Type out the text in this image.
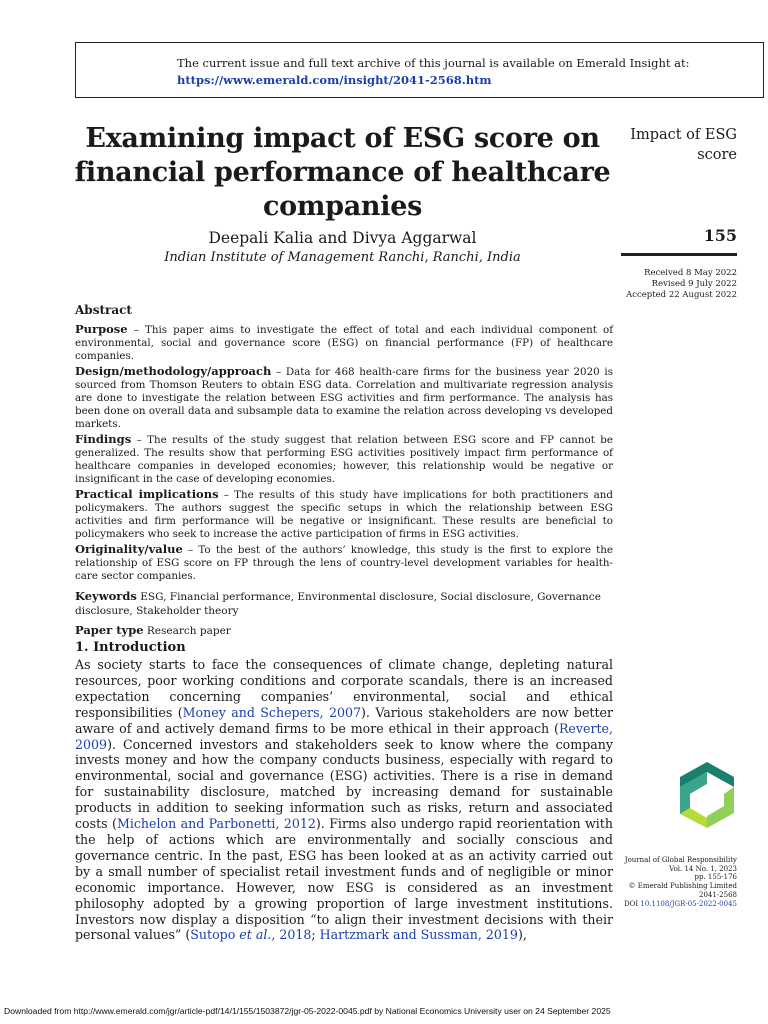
The current issue and full text archive of this journal is available on Emerald Insight at:
https://www.emerald.com/insight/2041-2568.htm
Examining impact of ESG score on financial performance of healthcare companies
Deepali Kalia and Divya Aggarwal
Indian Institute of Management Ranchi, Ranchi, India
Impact of ESG score
155
Received 8 May 2022
Revised 9 July 2022
Accepted 22 August 2022
Abstract

Purpose – This paper aims to investigate the effect of total and each individual component of environmental, social and governance score (ESG) on financial performance (FP) of healthcare companies.

Design/methodology/approach – Data for 468 health-care firms for the business year 2020 is sourced from Thomson Reuters to obtain ESG data. Correlation and multivariate regression analysis are done to investigate the relation between ESG activities and firm performance. The analysis has been done on overall data and subsample data to examine the relation across developing vs developed markets.

Findings – The results of the study suggest that relation between ESG score and FP cannot be generalized. The results show that performing ESG activities positively impact firm performance of healthcare companies in developed economies; however, this relationship would be negative or insignificant in the case of developing economies.

Practical implications – The results of this study have implications for both practitioners and policymakers. The authors suggest the specific setups in which the relationship between ESG activities and firm performance will be negative or insignificant. These results are beneficial to policymakers who seek to increase the active participation of firms in ESG activities.

Originality/value – To the best of the authors’ knowledge, this study is the first to explore the relationship of ESG score on FP through the lens of country-level development variables for health-care sector companies.

Keywords ESG, Financial performance, Environmental disclosure, Social disclosure, Governance disclosure, Stakeholder theory
Paper type Research paper
1. Introduction
As society starts to face the consequences of climate change, depleting natural resources, poor working conditions and corporate scandals, there is an increased expectation concerning companies’ environmental, social and ethical responsibilities (Money and Schepers, 2007). Various stakeholders are now better aware of and actively demand firms to be more ethical in their approach (Reverte, 2009). Concerned investors and stakeholders seek to know where the company invests money and how the company conducts business, especially with regard to environmental, social and governance (ESG) activities. There is a rise in demand for sustainability disclosure, matched by increasing demand for sustainable products in addition to seeking information such as risks, return and associated costs (Michelon and Parbonetti, 2012). Firms also undergo rapid reorientation with the help of actions which are environmentally and socially conscious and governance centric. In the past, ESG has been looked at as an activity carried out by a small number of specialist retail investment funds and of negligible or minor economic importance. However, now ESG is considered as an investment philosophy adopted by a growing proportion of large investment institutions. Investors now display a disposition “to align their investment decisions with their personal values” (Sutopo et al., 2018; Hartzmark and Sussman, 2019),
Journal of Global Responsibility
Vol. 14 No. 1, 2023
pp. 155-176
© Emerald Publishing Limited
2041-2568
DOI 10.1108/JGR-05-2022-0045
Downloaded from http://www.emerald.com/jgr/article-pdf/14/1/155/1503872/jgr-05-2022-0045.pdf by National Economics University user on 24 September 2025
